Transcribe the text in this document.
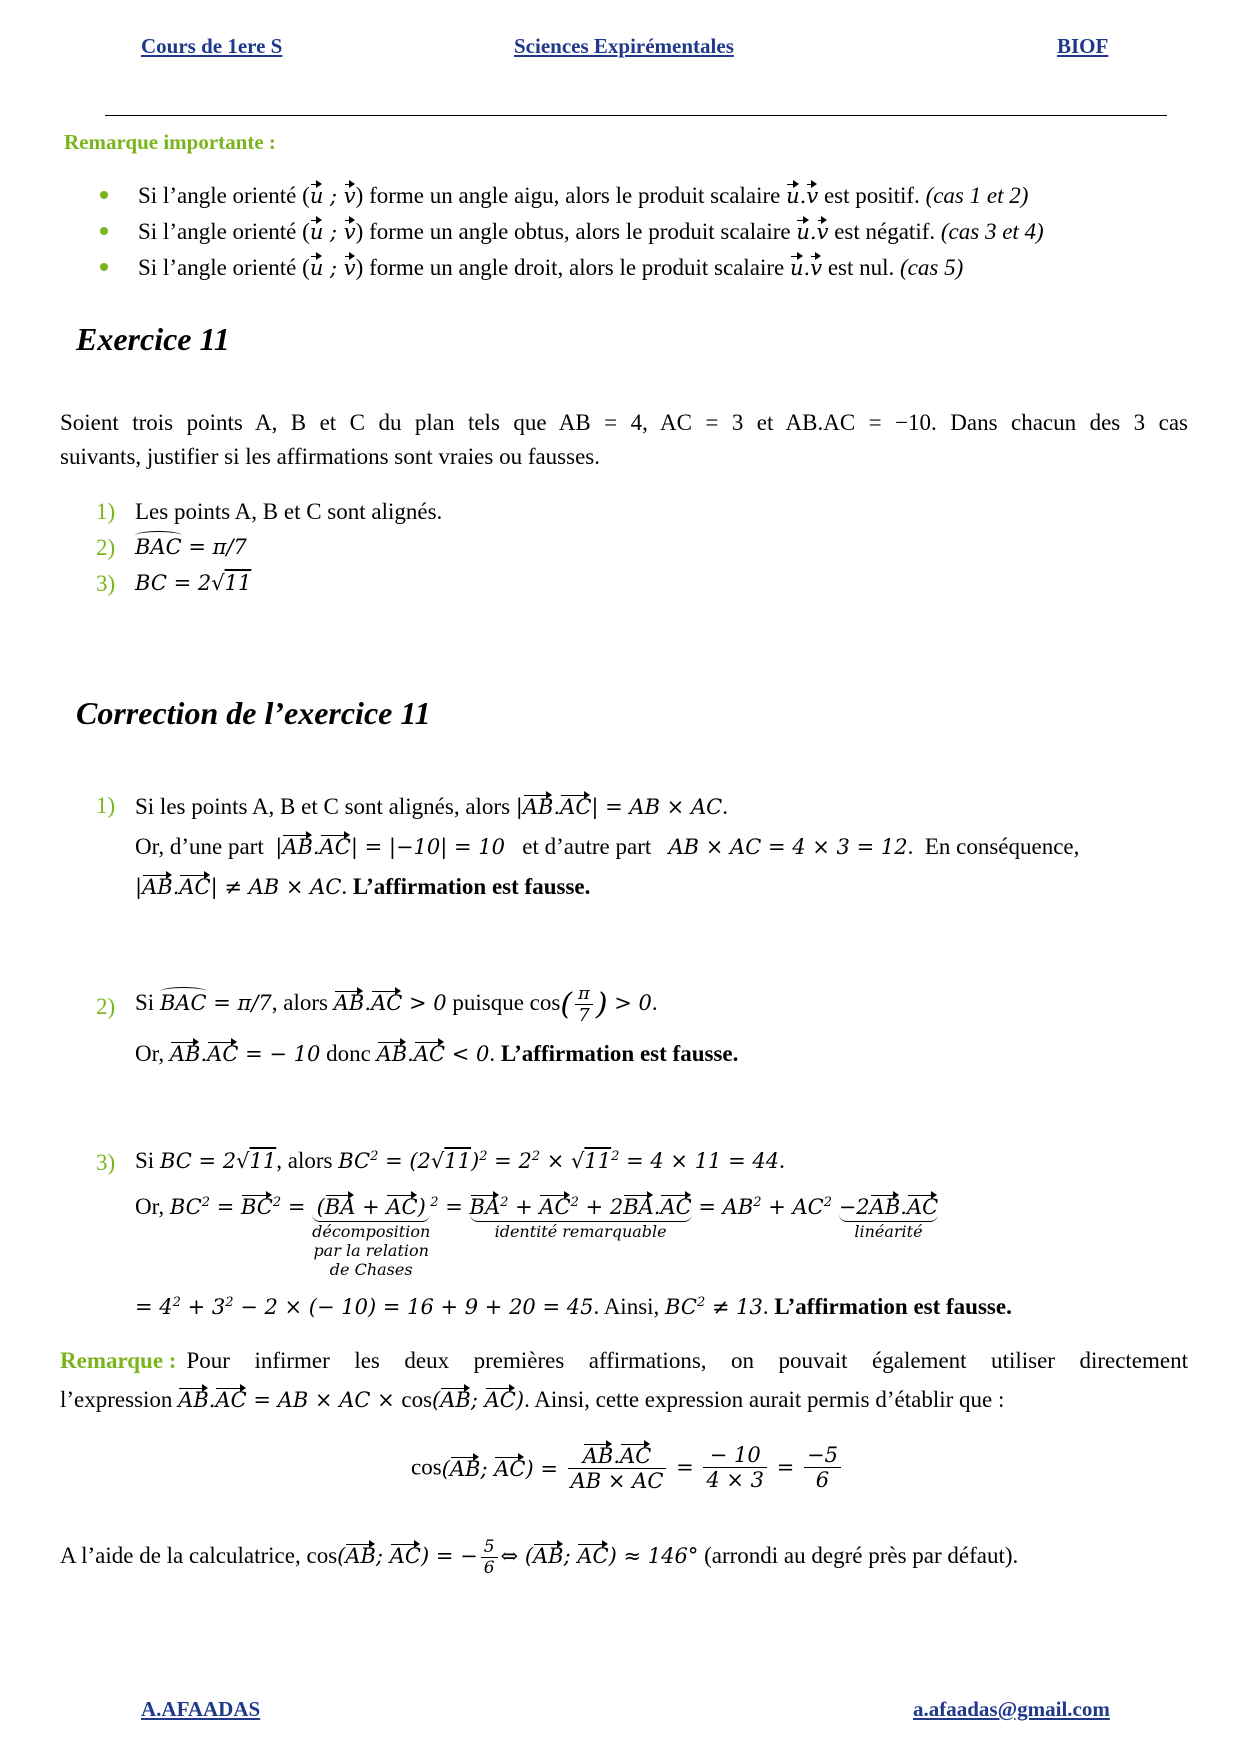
Cours de 1ere S	Sciences Expirémentales	BIOF
Remarque importante :
Si l’angle orienté (u ; v) forme un angle aigu, alors le produit scalaire u.v est positif. (cas 1 et 2)
Si l’angle orienté (u ; v) forme un angle obtus, alors le produit scalaire u.v est négatif. (cas 3 et 4)
Si l’angle orienté (u ; v) forme un angle droit, alors le produit scalaire u.v est nul. (cas 5)
Exercice 11
Soient trois points A, B et C du plan tels que AB = 4, AC = 3 et AB.AC = −10. Dans chacun des 3 cas
suivants, justifier si les affirmations sont vraies ou fausses.
1) Les points A, B et C sont alignés.
2) BAC = π/7
3) BC = 2√11
Correction de l’exercice 11
1) Si les points A, B et C sont alignés, alors |AB.AC| = AB × AC.
Or, d’une part |AB.AC| = |−10| = 10 et d’autre part AB × AC = 4 × 3 = 12.  En conséquence,
|AB.AC| ≠ AB × AC. L’affirmation est fausse.
2) Si BAC = π/7, alors AB.AC > 0 puisque $\cos( \frac{\pi}{7}$ ) > 0.
Or, AB.AC = − 10 donc AB.AC < 0. L’affirmation est fausse.
3) Si BC = 2√11, alors $BC^2 = (2√11)^2 = 2^2 \times √11^2 = 4 \times 11 = 44$.
Or, $BC^2 = BC^2 = (BA + AC)$
décomposition
par la relation
de Chases
$^2 = BA^2 + AC^2 + 2BA.AC$
identité remarquable
= $AB^2 + AC^2 -2AB.AC$
linéarité
= $4^2 + 3^2 - 2$ × (− 10) = 16 + 9 + 20 = 45. Ainsi, $BC^2 \ne 13$. L’affirmation est fausse.
Remarque : Pour infirmer les deux premières affirmations, on pouvait également utiliser directement
l’expression AB.AC = AB × AC × cos(AB; AC). Ainsi, cette expression aurait permis d’établir que :
cos(AB; $AC) = \frac{AB.AC}{AB \times AC} = \frac{- 10}{4 \times 3} = \frac{-5}{6}$
A l’aide de la calculatrice, cos(AB; AC) = − $\frac{5}{6}$ ⇔ (AB; AC) ≈ 146° (arrondi au degré près par défaut).
A.AFAADAS	a.afaadas@gmail.com
